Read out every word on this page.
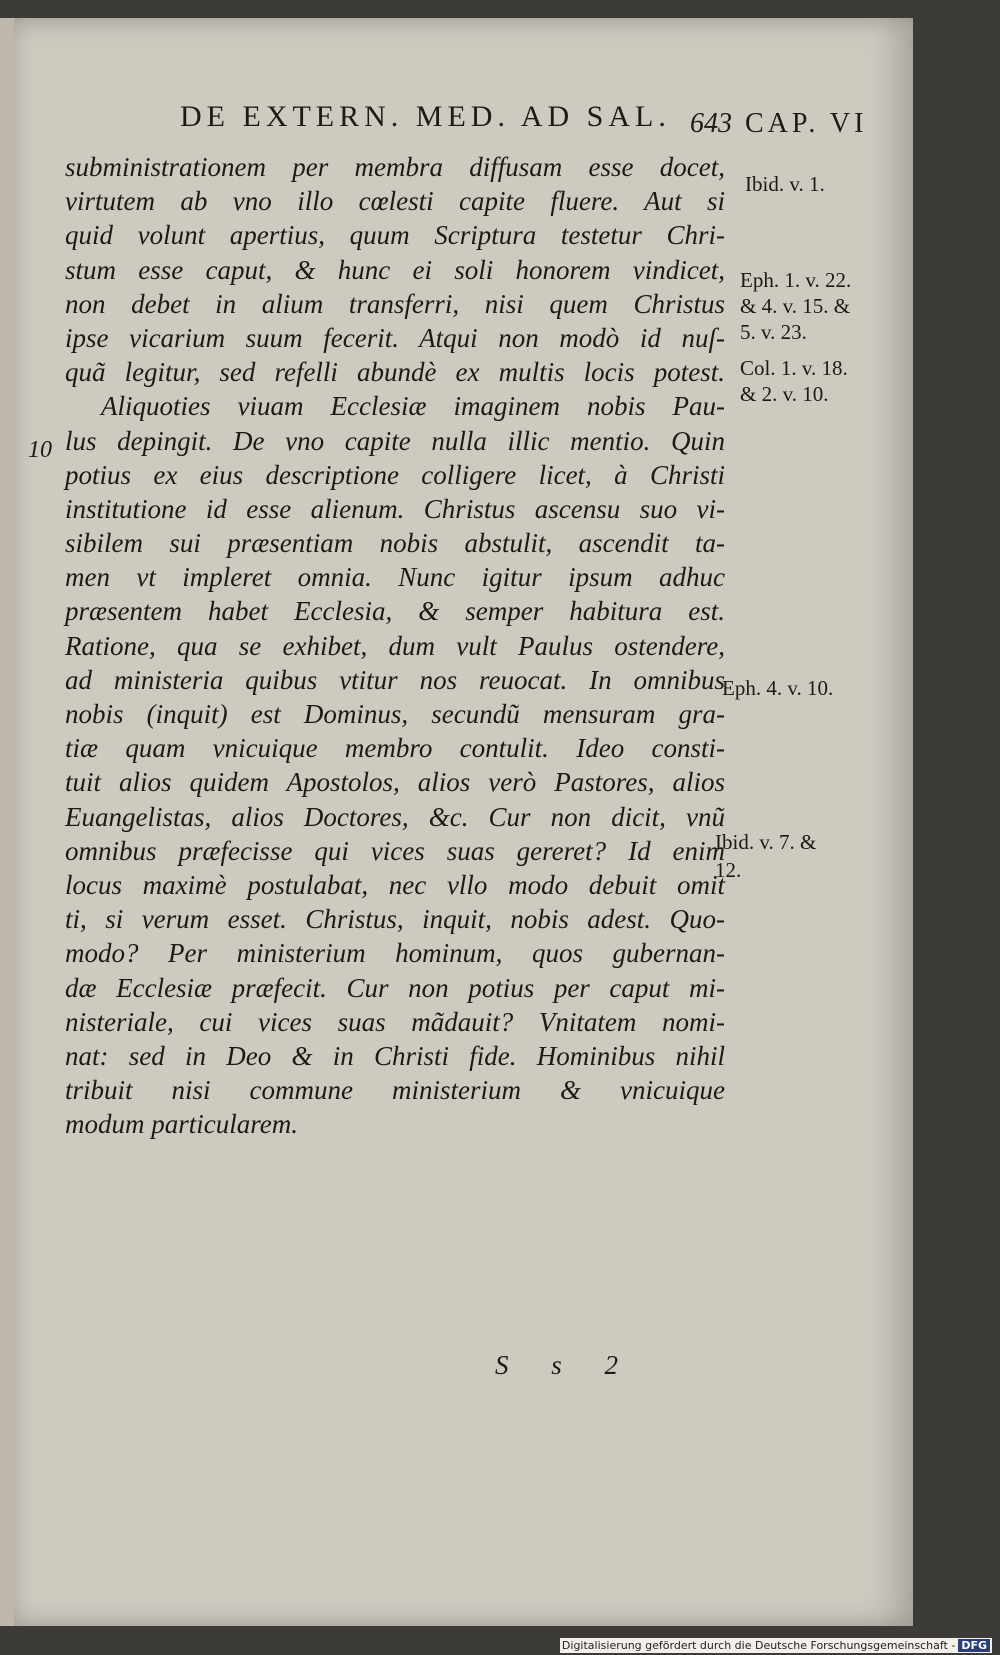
DE EXTERN. MED. AD SAL. 643 CAP. VI
10
subministrationem per membra diffusam esse docet,
virtutem ab vno illo cœlesti capite fluere. Aut si
quid volunt apertius, quum Scriptura testetur Chri-
stum esse caput, & hunc ei soli honorem vindicet,
non debet in alium transferri, nisi quem Christus
ipse vicarium suum fecerit. Atqui non modò id nuſ-
quã legitur, sed refelli abundè ex multis locis potest.
Aliquoties viuam Ecclesiæ imaginem nobis Pau-
lus depingit. De vno capite nulla illic mentio. Quin
potius ex eius descriptione colligere licet, à Christi
institutione id esse alienum. Christus ascensu suo vi-
sibilem sui præsentiam nobis abstulit, ascendit ta-
men vt impleret omnia. Nunc igitur ipsum adhuc
præsentem habet Ecclesia, & semper habitura est.
Ratione, qua se exhibet, dum vult Paulus ostendere,
ad ministeria quibus vtitur nos reuocat. In omnibus
nobis (inquit) est Dominus, secundũ mensuram gra-
tiæ quam vnicuique membro contulit. Ideo consti-
tuit alios quidem Apostolos, alios verò Pastores, alios
Euangelistas, alios Doctores, &c. Cur non dicit, vnũ
omnibus præfecisse qui vices suas gereret? Id enim
locus maximè postulabat, nec vllo modo debuit omit
ti, si verum esset. Christus, inquit, nobis adest. Quo-
modo? Per ministerium hominum, quos gubernan-
dæ Ecclesiæ præfecit. Cur non potius per caput mi-
nisteriale, cui vices suas mãdauit? Vnitatem nomi-
nat: sed in Deo & in Christi fide. Hominibus nihil
tribuit nisi commune ministerium & vnicuique
modum particularem.
Ibid. v. 1.
Eph. 1. v. 22.
& 4. v. 15. &
5. v. 23.
Col. 1. v. 18.
& 2. v. 10.
Eph. 4. v. 10.
Ibid. v. 7. &
12.
S s 2
Digitalisierung gefördert durch die Deutsche Forschungsgemeinschaft - DFG
